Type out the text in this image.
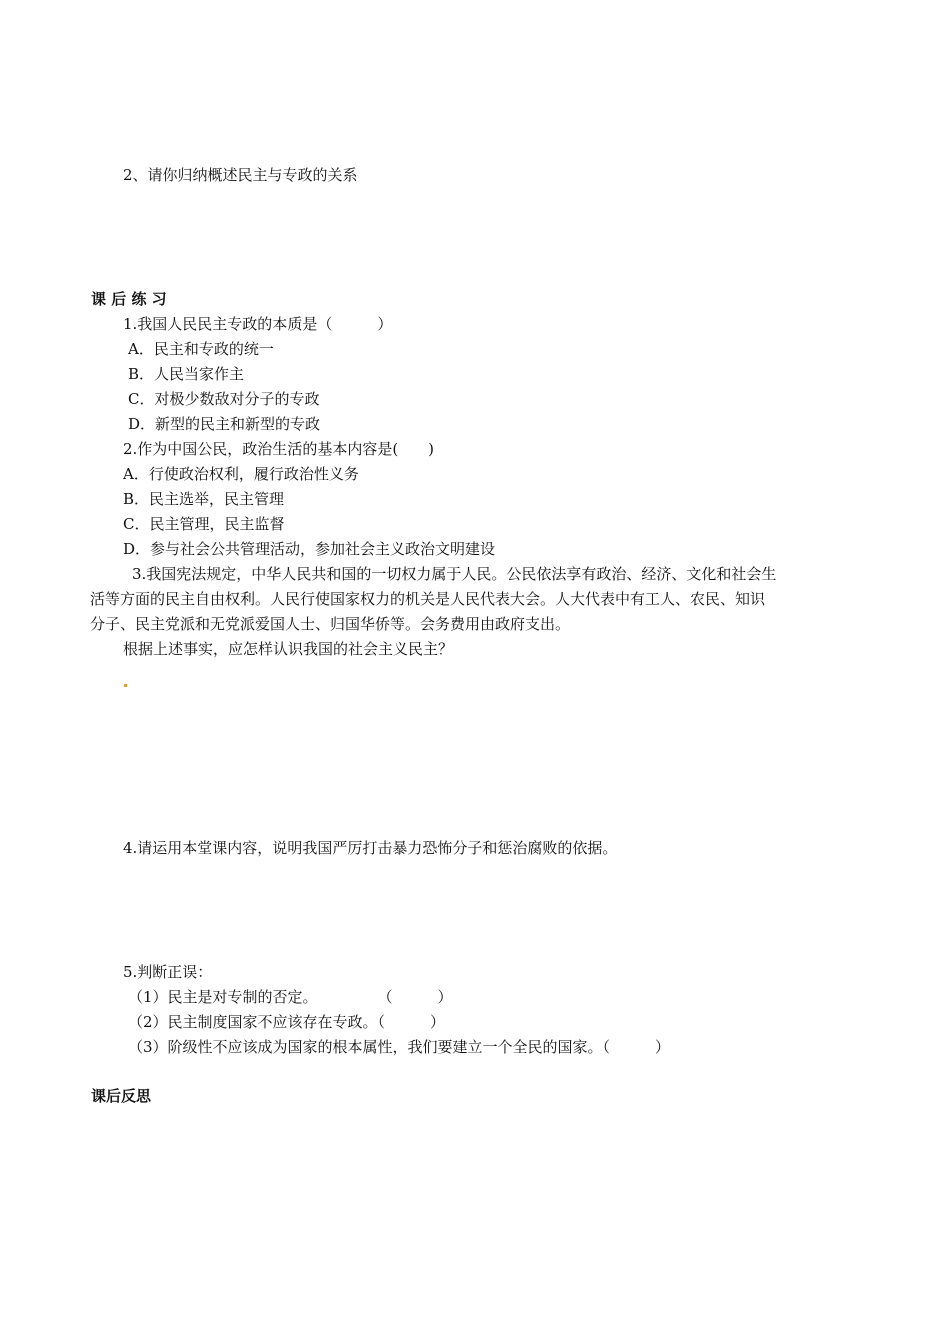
2、请你归纳概述民主与专政的关系
课 后 练 习
1.我国人民民主专政的本质是（　　　）
A．民主和专政的统一
B．人民当家作主
C．对极少数敌对分子的专政
D．新型的民主和新型的专政
2.作为中国公民，政治生活的基本内容是(　　)
A．行使政治权利，履行政治性义务
B．民主选举，民主管理
C．民主管理，民主监督
D．参与社会公共管理活动，参加社会主义政治文明建设
3.我国宪法规定，中华人民共和国的一切权力属于人民。公民依法享有政治、经济、文化和社会生
活等方面的民主自由权利。人民行使国家权力的机关是人民代表大会。人大代表中有工人、农民、知识
分子、民主党派和无党派爱国人士、归国华侨等。会务费用由政府支出。
根据上述事实，应怎样认识我国的社会主义民主？
4.请运用本堂课内容，说明我国严厉打击暴力恐怖分子和惩治腐败的依据。
5.判断正误：
（1）民主是对专制的否定。　　　　　（　　　）
（2）民主制度国家不应该存在专政。（　　　）
（3）阶级性不应该成为国家的根本属性，我们要建立一个全民的国家。（　　　）
课后反思
